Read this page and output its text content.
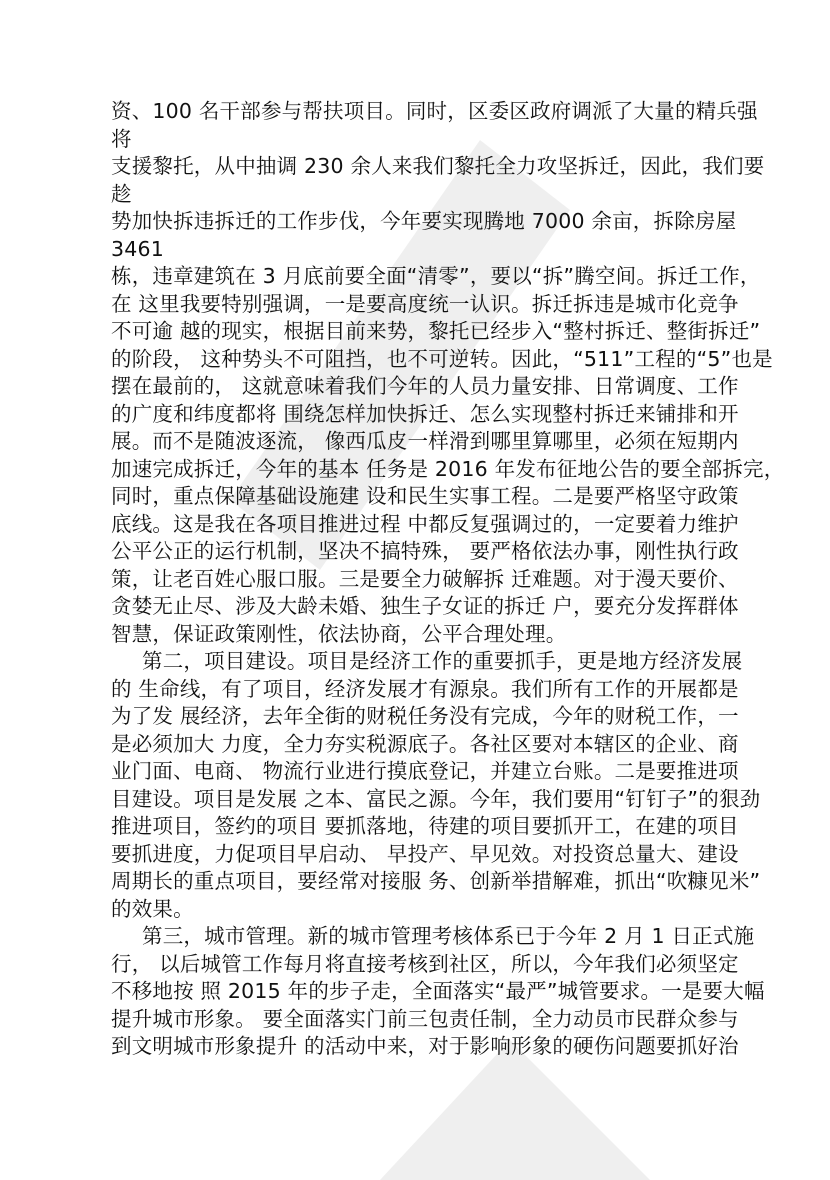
资、100 名干部参与帮扶项目。同时，区委区政府调派了大量的精兵强
将
支援黎托，从中抽调 230 余人来我们黎托全力攻坚拆迁，因此，我们要
趁
势加快拆违拆迁的工作步伐，今年要实现腾地 7000 余亩，拆除房屋
3461
栋，违章建筑在 3 月底前要全面“清零”，要以“拆”腾空间。拆迁工作，
在 这里我要特别强调，一是要高度统一认识。拆迁拆违是城市化竞争
不可逾 越的现实，根据目前来势，黎托已经步入“整村拆迁、整街拆迁”
的阶段， 这种势头不可阻挡，也不可逆转。因此，“511”工程的“5”也是
摆在最前的， 这就意味着我们今年的人员力量安排、日常调度、工作
的广度和纬度都将 围绕怎样加快拆迁、怎么实现整村拆迁来铺排和开
展。而不是随波逐流， 像西瓜皮一样滑到哪里算哪里，必须在短期内
加速完成拆迁，今年的基本 任务是 2016 年发布征地公告的要全部拆完，
同时，重点保障基础设施建 设和民生实事工程。二是要严格坚守政策
底线。这是我在各项目推进过程 中都反复强调过的，一定要着力维护
公平公正的运行机制，坚决不搞特殊， 要严格依法办事，刚性执行政
策，让老百姓心服口服。三是要全力破解拆 迁难题。对于漫天要价、
贪婪无止尽、涉及大龄未婚、独生子女证的拆迁 户，要充分发挥群体
智慧，保证政策刚性，依法协商，公平合理处理。
第二，项目建设。项目是经济工作的重要抓手，更是地方经济发展
的 生命线，有了项目，经济发展才有源泉。我们所有工作的开展都是
为了发 展经济，去年全街的财税任务没有完成，今年的财税工作，一
是必须加大 力度，全力夯实税源底子。各社区要对本辖区的企业、商
业门面、电商、 物流行业进行摸底登记，并建立台账。二是要推进项
目建设。项目是发展 之本、富民之源。今年，我们要用“钉钉子”的狠劲
推进项目，签约的项目 要抓落地，待建的项目要抓开工，在建的项目
要抓进度，力促项目早启动、 早投产、早见效。对投资总量大、建设
周期长的重点项目，要经常对接服 务、创新举措解难，抓出“吹糠见米”
的效果。
第三，城市管理。新的城市管理考核体系已于今年 2 月 1 日正式施
行， 以后城管工作每月将直接考核到社区，所以，今年我们必须坚定
不移地按 照 2015 年的步子走，全面落实“最严”城管要求。一是要大幅
提升城市形象。 要全面落实门前三包责任制，全力动员市民群众参与
到文明城市形象提升 的活动中来，对于影响形象的硬伤问题要抓好治
